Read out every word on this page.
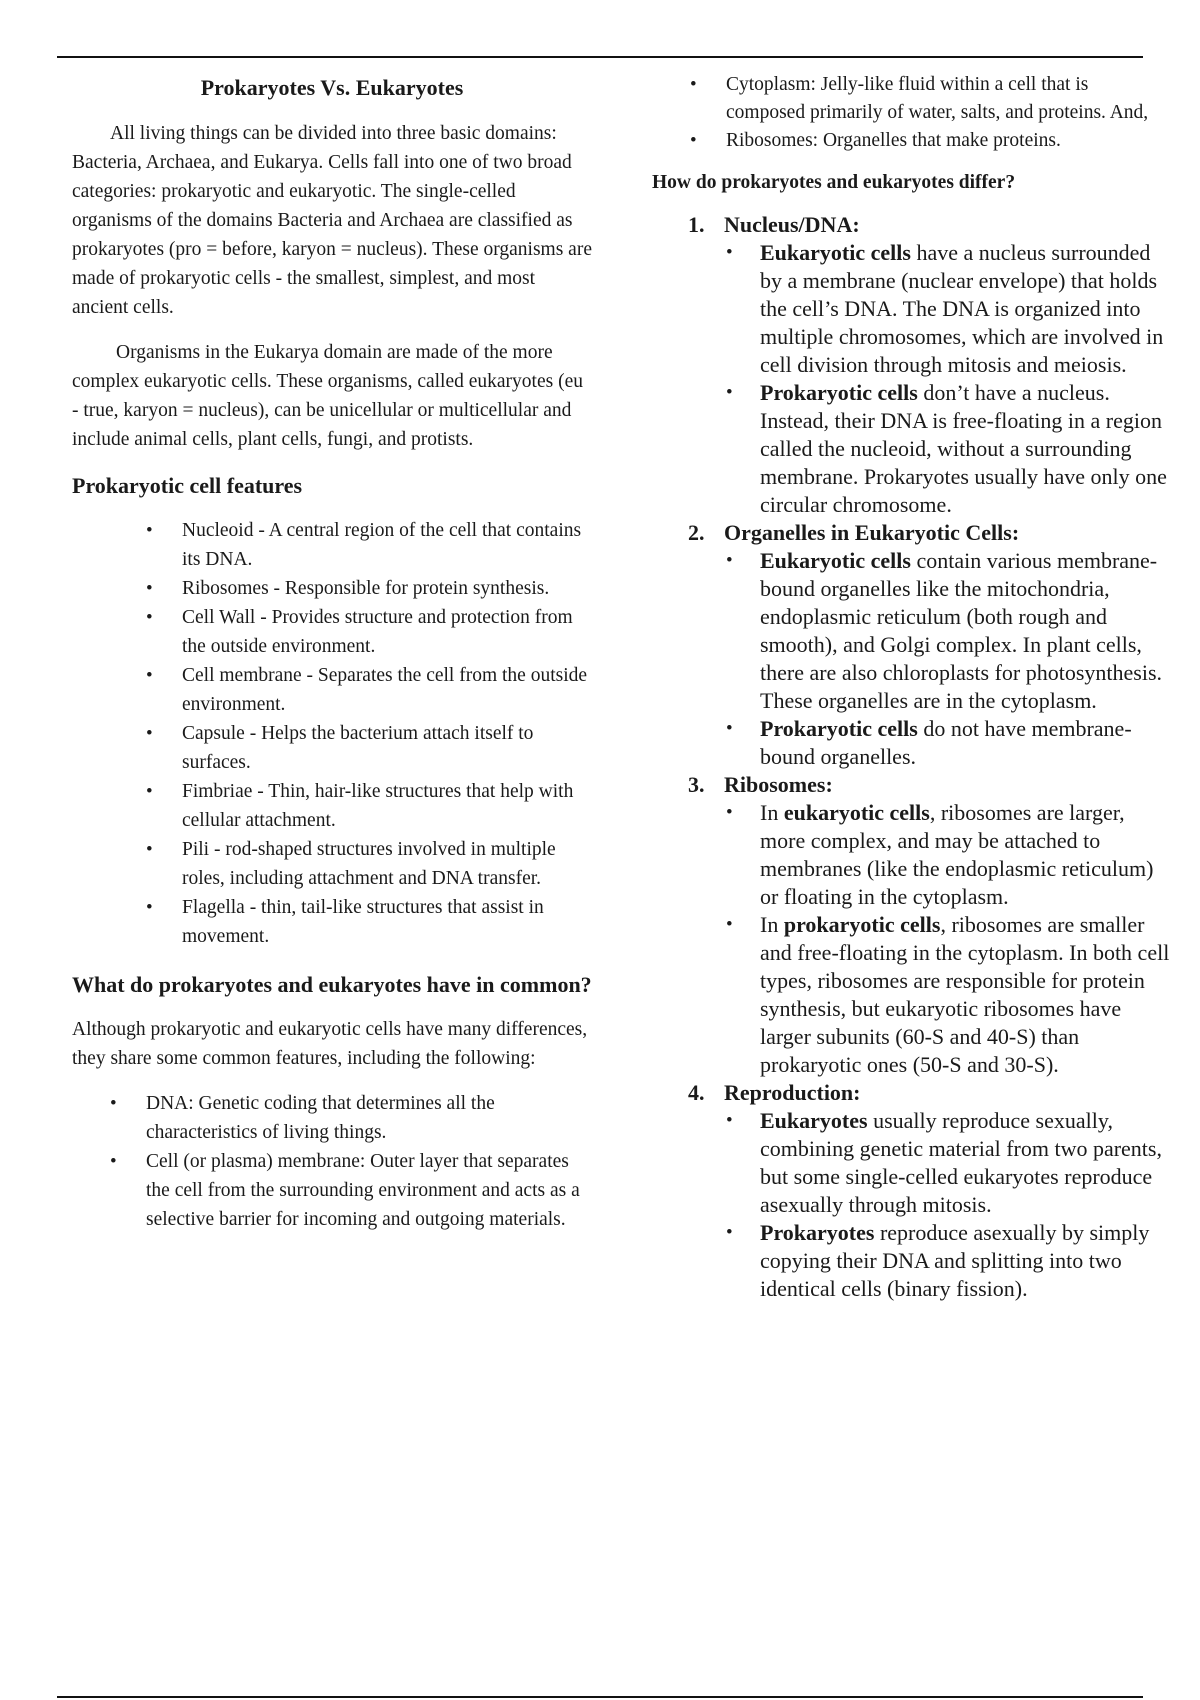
Prokaryotes Vs. Eukaryotes

All living things can be divided into three basic domains: Bacteria, Archaea, and Eukarya. Cells fall into one of two broad categories: prokaryotic and eukaryotic. The single-celled organisms of the domains Bacteria and Archaea are classified as prokaryotes (pro = before, karyon = nucleus). These organisms are made of prokaryotic cells - the smallest, simplest, and most ancient cells.

Organisms in the Eukarya domain are made of the more complex eukaryotic cells. These organisms, called eukaryotes (eu - true, karyon = nucleus), can be unicellular or multicellular and include animal cells, plant cells, fungi, and protists.

Prokaryotic cell features
• Nucleoid - A central region of the cell that contains its DNA.
• Ribosomes - Responsible for protein synthesis.
• Cell Wall - Provides structure and protection from the outside environment.
• Cell membrane - Separates the cell from the outside environment.
• Capsule - Helps the bacterium attach itself to surfaces.
• Fimbriae - Thin, hair-like structures that help with cellular attachment.
• Pili - rod-shaped structures involved in multiple roles, including attachment and DNA transfer.
• Flagella - thin, tail-like structures that assist in movement.
What do prokaryotes and eukaryotes have in common?

Although prokaryotic and eukaryotic cells have many differences, they share some common features, including the following:

• DNA: Genetic coding that determines all the characteristics of living things.
• Cell (or plasma) membrane: Outer layer that separates the cell from the surrounding environment and acts as a selective barrier for incoming and outgoing materials.
• Cytoplasm: Jelly-like fluid within a cell that is composed primarily of water, salts, and proteins. And,
• Ribosomes: Organelles that make proteins.
How do prokaryotes and eukaryotes differ?
1. Nucleus/DNA:
• Eukaryotic cells have a nucleus surrounded by a membrane (nuclear envelope) that holds the cell’s DNA. The DNA is organized into multiple chromosomes, which are involved in cell division through mitosis and meiosis.
• Prokaryotic cells don’t have a nucleus. Instead, their DNA is free-floating in a region called the nucleoid, without a surrounding membrane. Prokaryotes usually have only one circular chromosome.
2. Organelles in Eukaryotic Cells:
• Eukaryotic cells contain various membrane-bound organelles like the mitochondria, endoplasmic reticulum (both rough and smooth), and Golgi complex. In plant cells, there are also chloroplasts for photosynthesis. These organelles are in the cytoplasm.
• Prokaryotic cells do not have membrane-bound organelles.
3. Ribosomes:
• In eukaryotic cells, ribosomes are larger, more complex, and may be attached to membranes (like the endoplasmic reticulum) or floating in the cytoplasm.
• In prokaryotic cells, ribosomes are smaller and free-floating in the cytoplasm. In both cell types, ribosomes are responsible for protein synthesis, but eukaryotic ribosomes have larger subunits (60-S and 40-S) than prokaryotic ones (50-S and 30-S).
4. Reproduction:
• Eukaryotes usually reproduce sexually, combining genetic material from two parents, but some single-celled eukaryotes reproduce asexually through mitosis.
• Prokaryotes reproduce asexually by simply copying their DNA and splitting into two identical cells (binary fission).
